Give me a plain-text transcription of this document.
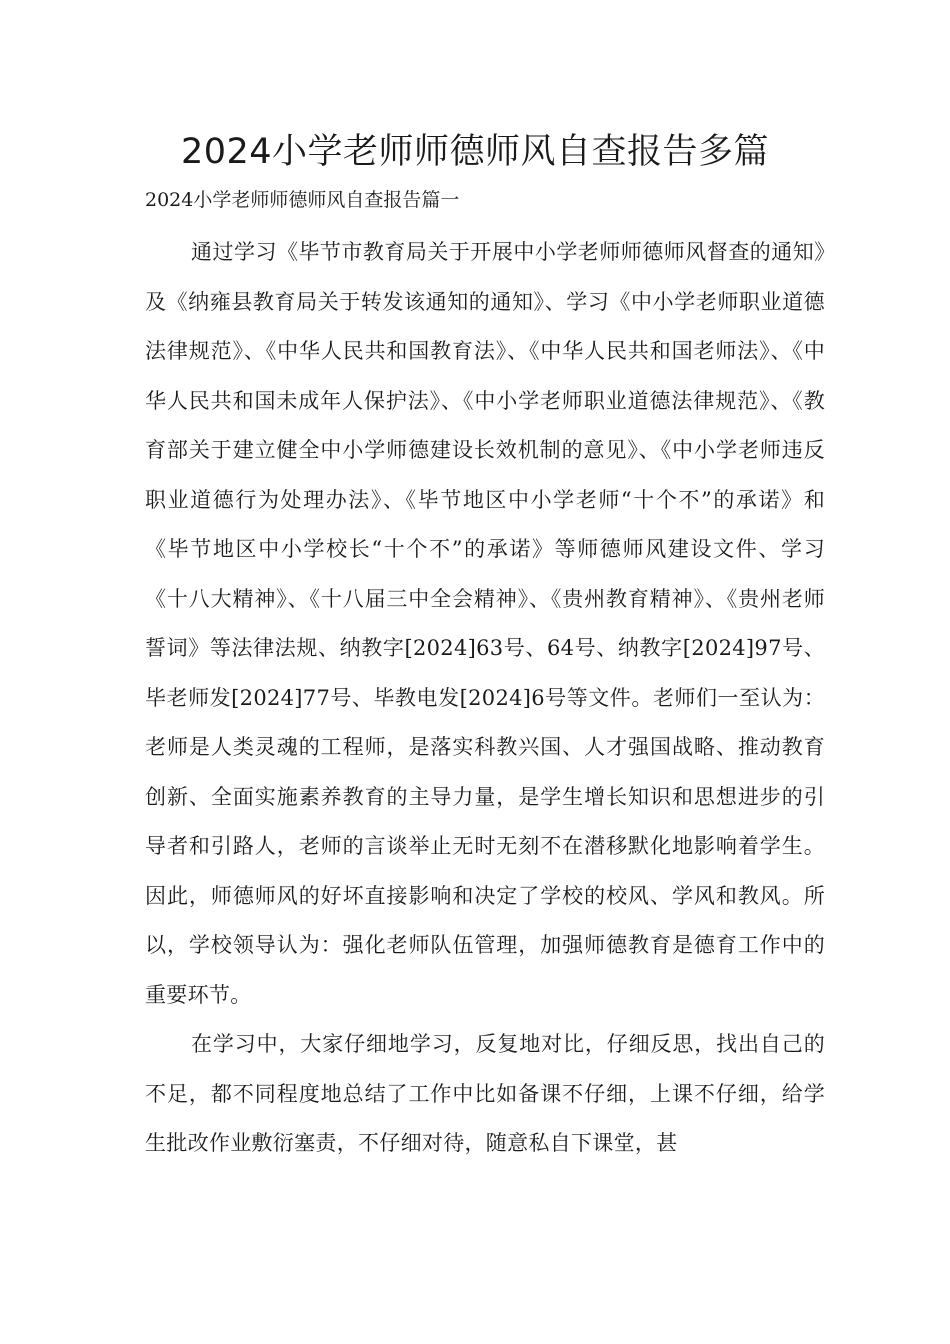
2024小学老师师德师风自查报告多篇

2024小学老师师德师风自查报告篇一

通过学习《毕节市教育局关于开展中小学老师师德师风督查的通知》及《纳雍县教育局关于转发该通知的通知》、学习《中小学老师职业道德法律规范》、《中华人民共和国教育法》、《中华人民共和国老师法》、《中华人民共和国未成年人保护法》、《中小学老师职业道德法律规范》、《教育部关于建立健全中小学师德建设长效机制的意见》、《中小学老师违反职业道德行为处理办法》、《毕节地区中小学老师“十个不”的承诺》和《毕节地区中小学校长“十个不”的承诺》等师德师风建设文件、学习《十八大精神》、《十八届三中全会精神》、《贵州教育精神》、《贵州老师誓词》等法律法规、纳教字[2024]63号、64号、纳教字[2024]97号、毕老师发[2024]77号、毕教电发[2024]6号等文件。老师们一至认为：老师是人类灵魂的工程师，是落实科教兴国、人才强国战略、推动教育创新、全面实施素养教育的主导力量，是学生增长知识和思想进步的引导者和引路人，老师的言谈举止无时无刻不在潜移默化地影响着学生。因此，师德师风的好坏直接影响和决定了学校的校风、学风和教风。所以，学校领导认为：强化老师队伍管理，加强师德教育是德育工作中的重要环节。

在学习中，大家仔细地学习，反复地对比，仔细反思，找出自己的不足，都不同程度地总结了工作中比如备课不仔细，上课不仔细，给学生批改作业敷衍塞责，不仔细对待，随意私自下课堂，甚
